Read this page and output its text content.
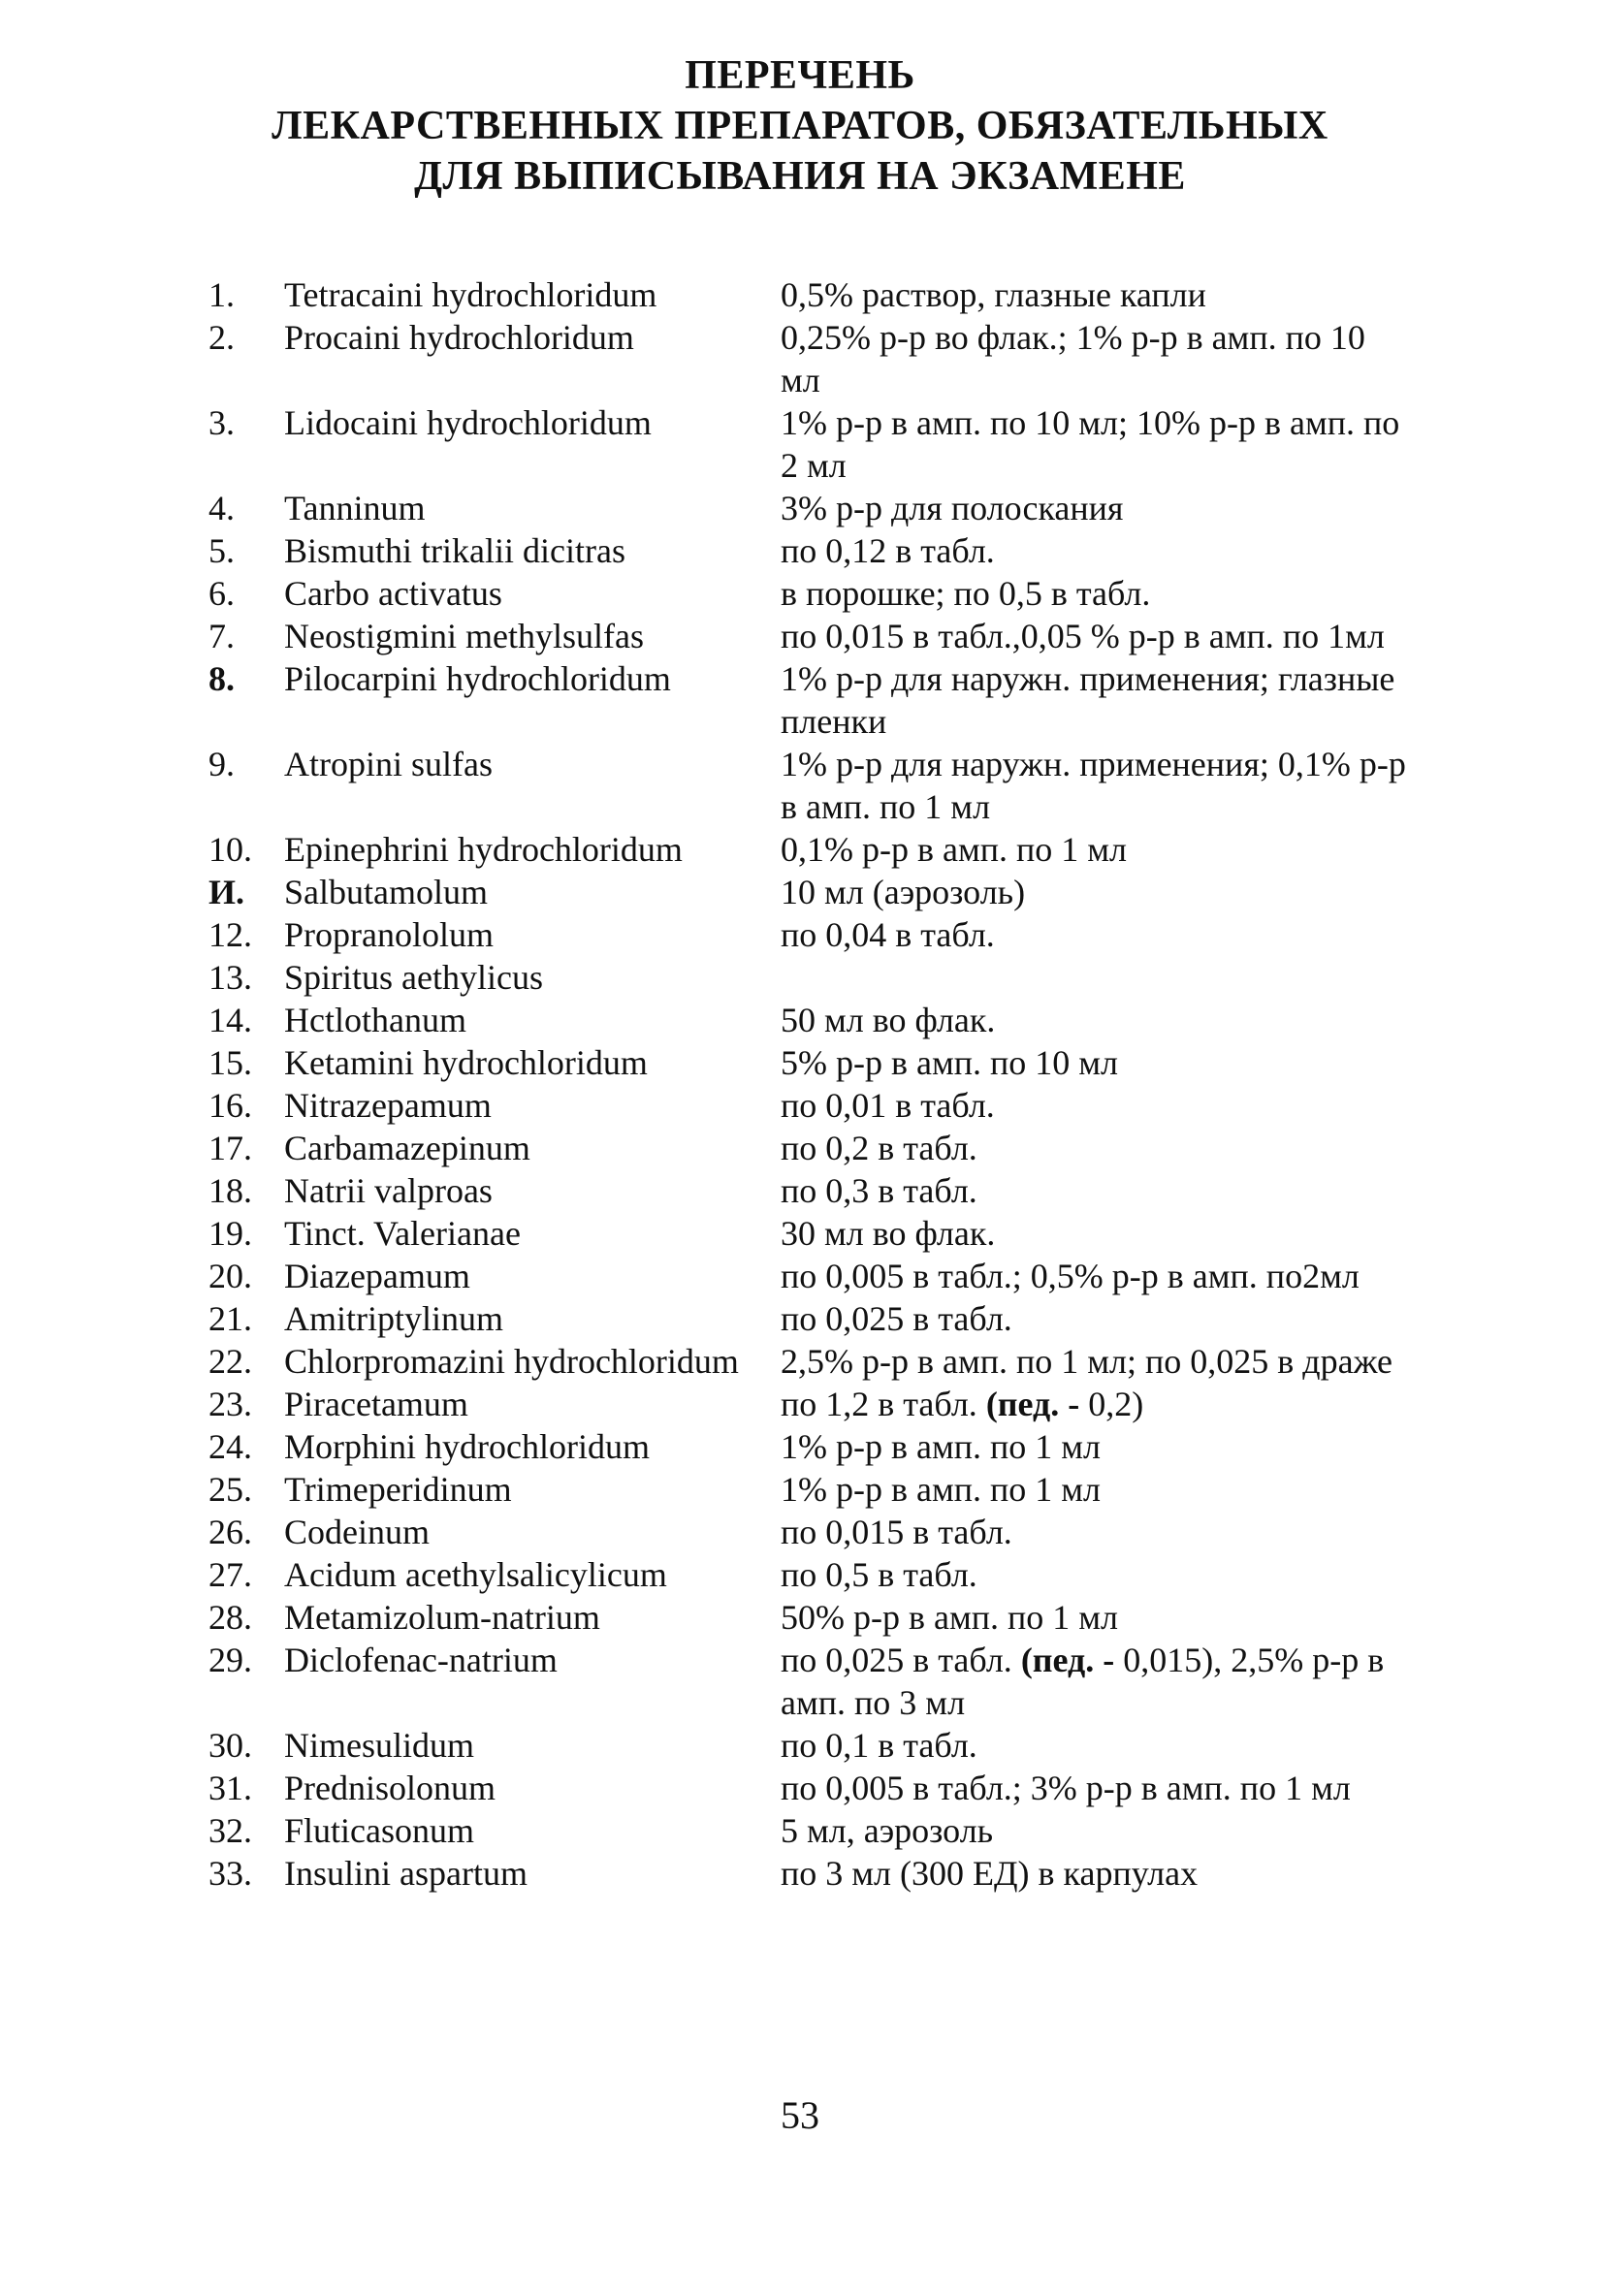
ПЕРЕЧЕНЬ
ЛЕКАРСТВЕННЫХ ПРЕПАРАТОВ, ОБЯЗАТЕЛЬНЫХ
ДЛЯ ВЫПИСЫВАНИЯ НА ЭКЗАМЕНЕ
1.	Tetracaini hydrochloridum	0,5% раствор, глазные капли
2.	Procaini hydrochloridum	0,25% р-р во флак.; 1% р-р в амп. по 10 мл
3.	Lidocaini hydrochloridum	1% р-р в амп. по 10 мл; 10% р-р в амп. по 2 мл
4.	Tanninum	3% р-р для полоскания
5.	Bismuthi trikalii dicitras	по 0,12 в табл.
6.	Carbo activatus	в порошке; по 0,5 в табл.
7.	Neostigmini methylsulfas	по 0,015 в табл.,0,05 % р-р в амп. по 1мл
8.	Pilocarpini hydrochloridum	1% р-р для наружн. применения; глазные пленки
9.	Atropini sulfas	1% р-р для наружн. применения; 0,1% р-р в амп. по 1 мл
10. Epinephrini hydrochloridum	0,1% р-р в амп. по 1 мл
И.	Salbutamolum	10 мл (аэрозоль)
12. Propranololum	по 0,04 в табл.
13. Spiritus aethylicus
14. Hctlothanum	50 мл во флак.
15. Ketamini hydrochloridum	5% р-р в амп. по 10 мл
16. Nitrazepamum	по 0,01 в табл.
17. Carbamazepinum	по 0,2 в табл.
18. Natrii valproas	по 0,3 в табл.
19. Tinct. Valerianae	30 мл во флак.
20. Diazepamum	по 0,005 в табл.; 0,5% р-р в амп. по2мл
21. Amitriptylinum	по 0,025 в табл.
22. Chlorpromazini hydrochloridum	2,5% р-р в амп. по 1 мл; по 0,025 в драже
23. Piracetamum	по 1,2 в табл. (пед. - 0,2)
24. Morphini hydrochloridum	1% р-р в амп. по 1 мл
25. Trimeperidinum	1% р-р в амп. по 1 мл
26. Codeinum	по 0,015 в табл.
27. Acidum acethylsalicylicum	по 0,5 в табл.
28. Metamizolum-natrium	50% р-р в амп. по 1 мл
29. Diclofenac-natrium	по 0,025 в табл. (пед. - 0,015), 2,5% р-р в амп. по 3 мл
30. Nimesulidum	по 0,1 в табл.
31. Prednisolonum	по 0,005 в табл.; 3% р-р в амп. по 1 мл
32. Fluticasonum	5 мл, аэрозоль
33. Insulini aspartum	по 3 мл (300 ЕД) в карпулах
53
